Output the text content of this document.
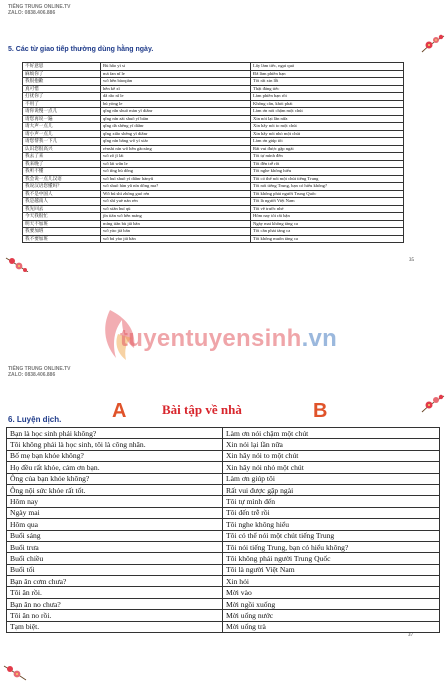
TIẾNG TRUNG ONLINE.TV
ZALO: 0838.406.886
5. Các từ giao tiếp thường dùng hằng ngày.
不好意思	Bù hǎo yì si	Lấy làm tiếc, ngại quá
麻烦你了	má fan nǐ le	Đã làm phiền bạn
我很抱歉	wǒ hěn bàoqiàn	Tôi rất xin lỗi
真可惜	hěn kě xī	Thật đáng tiếc
打扰你了	dǎ rǎo nǐ le	Làm phiền bạn rồi
不用了	bú yòng le	Không cần, khỏi phải
请你说慢一点儿	qǐng nǐn shuō màn yī diǎnr	Làm ơn nói chậm một chút
请您再说一遍	qǐng nín zài shuō yī biàn	Xin nói lại lần nữa
请大声一点儿	qǐng dà shēng yī diǎnr	Xin hãy nói to một chút
请小声一点儿	qǐng xiǎo shēng yī diǎnr	Xin hãy nói nhỏ một chút
请您帮我一下儿	qǐng nín bāng wǒ yí xiàr	Làm ơn giúp tôi
认识您很高兴	rènshi nín wǒ hěn gāoxìng	Rất vui được gặp ngài
我去了来	wǒ zǒ jī lái	Tôi tự mình đến
我来晚了	wǒ lái wǎn le	Tôi đến trễ rồi
我听不懂	wǒ tīng bù dǒng	Tôi nghe không hiểu
我会说一点儿汉语	wǒ huì shuō yì diǎnr hànyǔ	Tôi có thể nói một chút tiếng Trung
我说汉语您懂吗？	wǒ shuō hàn yǔ nín dǒng ma?	Tôi nói tiếng Trung, bạn có hiểu không?
我不是中国人	Wǒ bú shì zhōng guó rén	Tôi không phải người Trung Quốc
我是越南人	wǒ shì yuè nán rén	Tôi là người Việt Nam
我先回去	wǒ xiān huí qù	Tôi về trước nhé
今天我很忙	jīn tiān wǒ hěn máng	Hôm nay tôi rất bận
明天不加班	míng tiān bù jiā bān	Ngày mai không tăng ca
我要加班	wǒ yào jiā bān	Tôi cần phải tăng ca
我不要加班	wǒ bú yào jiā bān	Tôi không muốn tăng ca
35
tuyentuyensinh.vn
TIẾNG TRUNG ONLINE.TV
ZALO: 0838.406.886
37
A	B
Bài tập về nhà
6. Luyện dịch.
Bạn là học sinh phải không?	Làm ơn nói chậm một chút
Tôi không phải là học sinh, tôi là công nhân.	Xin nói lại lần nữa
Bố mẹ bạn khỏe không?	Xin hãy nói to một chút
Họ đều rất khỏe, cảm ơn bạn.	Xin hãy nói nhỏ một chút
Ông của bạn khỏe không?	Làm ơn giúp tôi
Ông nội sức khỏe rất tốt.	Rất vui được gặp ngài
Hôm nay	Tôi tự mình đến
Ngày mai	Tôi đến trễ rồi
Hôm qua	Tôi nghe không hiểu
Buổi sáng	Tôi có thể nói một chút tiếng Trung
Buổi trưa	Tôi nói tiếng Trung, bạn có hiểu không?
Buổi chiều	Tôi không phải người Trung Quốc
Buổi tối	Tôi là người Việt Nam
Bạn ăn cơm chưa?	Xin hỏi
Tôi ăn rồi.	Mời vào
Bạn ăn no chưa?	Mời ngồi xuống
Tôi ăn no rồi.	Mời uống nước
Tạm biệt.	Mời uống trà
